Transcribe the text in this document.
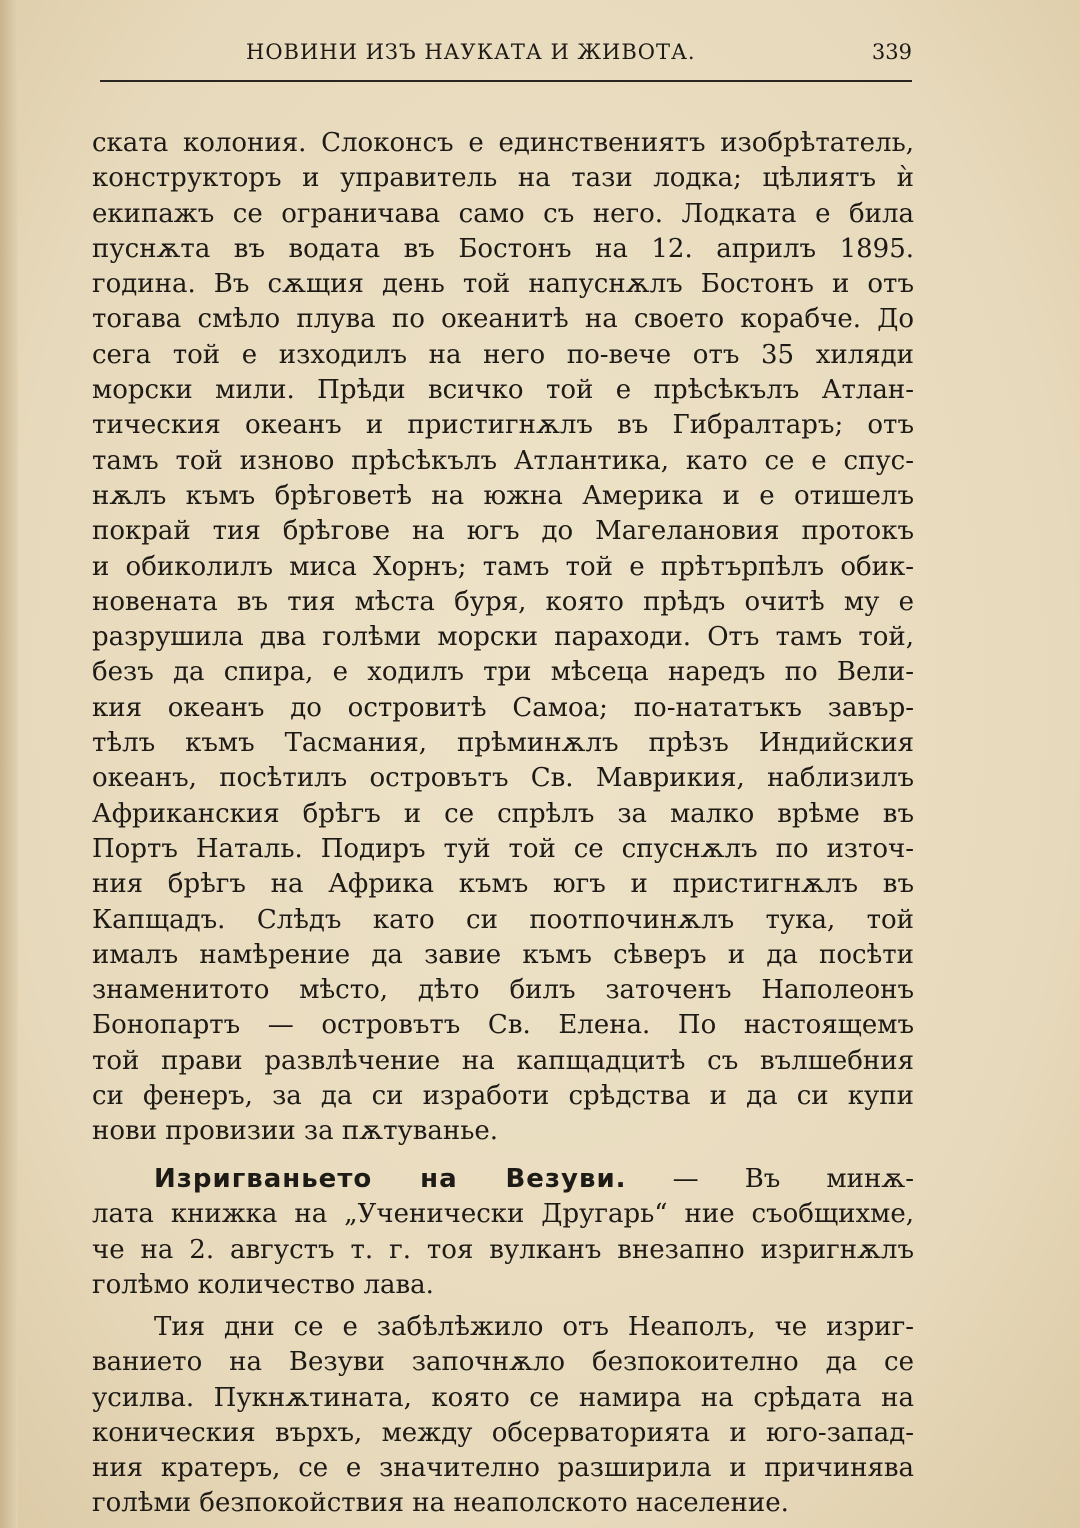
НОВИНИ ИЗЪ НАУКАТА И ЖИВОТА.	339
ската колония. Слоконсъ е единствениятъ изобрѣтатель,
конструкторъ и управитель на тази лодка; цѣлиятъ ѝ
екипажъ се ограничава само съ него. Лодката е била
пуснѫта въ водата въ Бостонъ на 12. априлъ 1895.
година. Въ сѫщия день той напуснѫлъ Бостонъ и отъ
тогава смѣло плува по океанитѣ на своето корабче. До
сега той е изходилъ на него по-вече отъ 35 хиляди
морски мили. Прѣди всичко той е прѣсѣкълъ Атлан-
тическия океанъ и пристигнѫлъ въ Гибралтаръ; отъ
тамъ той изново прѣсѣкълъ Атлантика, като се е спус-
нѫлъ къмъ брѣговетѣ на южна Америка и е отишелъ
покрай тия брѣгове на югъ до Магелановия протокъ
и обиколилъ миса Хорнъ; тамъ той е прѣтърпѣлъ обик-
новената въ тия мѣста буря, която прѣдъ очитѣ му е
разрушила два голѣми морски параходи. Отъ тамъ той,
безъ да спира, е ходилъ три мѣсеца наредъ по Вели-
кия океанъ до островитѣ Самоа; по-нататъкъ завър-
тѣлъ къмъ Тасмания, прѣминѫлъ прѣзъ Индийския
океанъ, посѣтилъ островътъ Св. Маврикия, наблизилъ
Африканския брѣгъ и се спрѣлъ за малко врѣме въ
Портъ Наталь. Подиръ туй той се спуснѫлъ по източ-
ния брѣгъ на Африка къмъ югъ и пристигнѫлъ въ
Капщадъ. Слѣдъ като си поотпочинѫлъ тука, той
ималъ намѣрение да завие къмъ сѣверъ и да посѣти
знаменитото мѣсто, дѣто билъ заточенъ Наполеонъ
Бонопартъ — островътъ Св. Елена. По настоящемъ
той прави развлѣчение на капщадцитѣ съ вълшебния
си фенеръ, за да си изработи срѣдства и да си купи
нови провизии за пѫтуванье.
Изригваньето на Везуви. — Въ минѫ-
лата книжка на „Ученически Другарь“ ние съобщихме,
че на 2. августъ т. г. тоя вулканъ внезапно изригнѫлъ
голѣмо количество лава.
Тия дни се е забѣлѣжило отъ Неаполъ, че изриг-
ванието на Везуви започнѫло безпокоително да се
усилва. Пукнѫтината, която се намира на срѣдата на
коническия върхъ, между обсерваторията и юго-запад-
ния кратеръ, се е значително разширила и причинява
голѣми безпокойствия на неаполското население.
